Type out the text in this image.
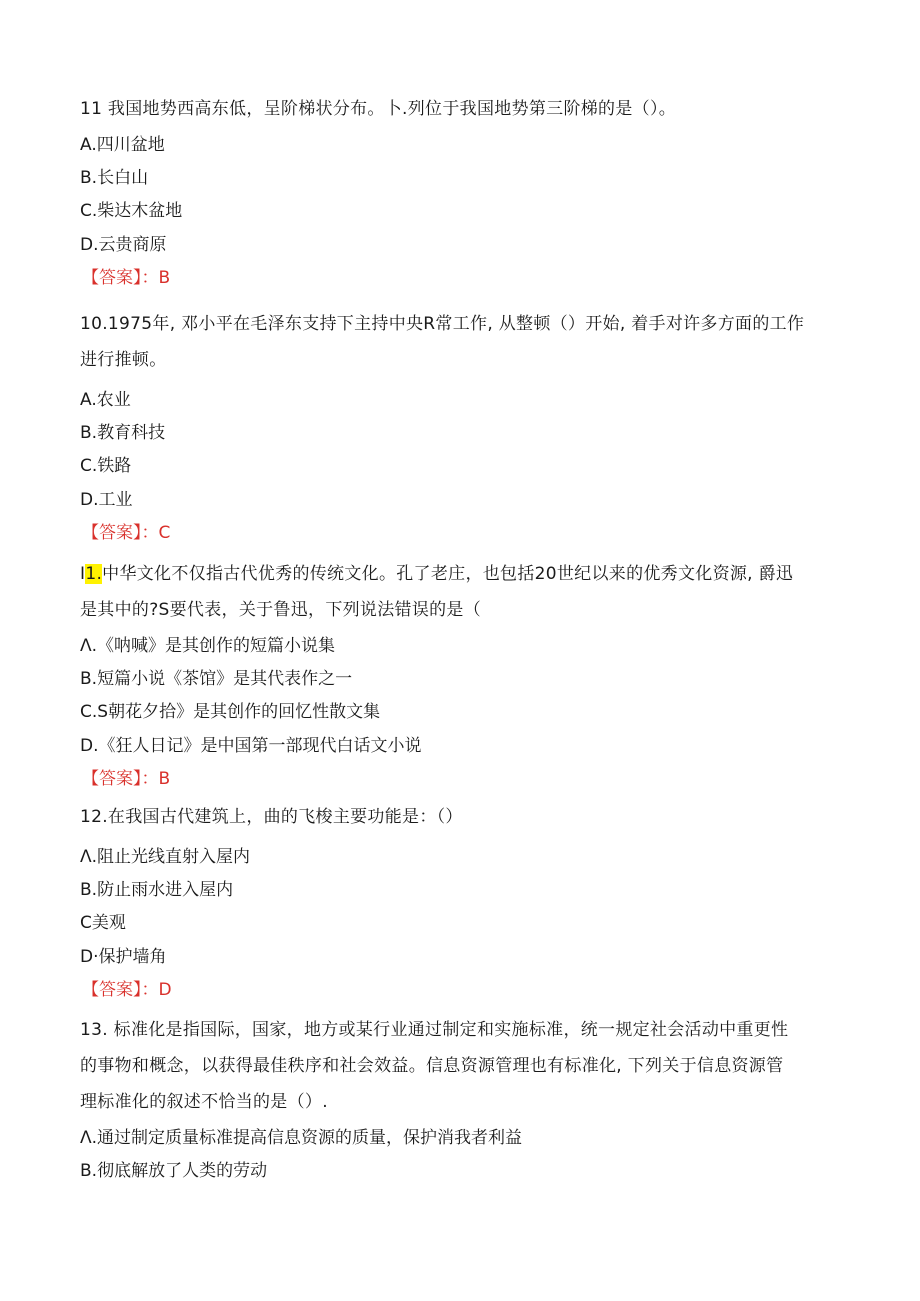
11 我国地势西高东低，呈阶梯状分布。卜.列位于我国地势第三阶梯的是（）。

A.四川盆地

B.长白山

C.柴达木盆地

D.云贵商原

【答案】：B

10.1975年, 邓小平在毛泽东支持下主持中央R常工作, 从整顿（）开始, 着手对许多方面的工作
进行推顿。

A.农业

B.教育科技

C.铁路

D.工业

【答案】：C

I1.中华文化不仅指古代优秀的传统文化。孔了老庄，也包括20世纪以来的优秀文化资源, 爵迅
是其中的?S要代表，关于鲁迅，下列说法错误的是（

Λ.《呐喊》是其创作的短篇小说集

B.短篇小说《茶馆》是其代表作之一

C.S朝花夕拾》是其创作的回忆性散文集

D.《狂人日记》是中国第一部现代白话文小说

【答案】：B

12.在我国古代建筑上，曲的飞梭主要功能是：（）

Λ.阻止光线直射入屋内

B.防止雨水进入屋内

C美观

D·保护墙角

【答案】：D

13. 标准化是指国际，国家，地方或某行业通过制定和实施标准，统一规定社会活动中重更性
的事物和概念，以获得最佳秩序和社会效益。信息资源管理也有标准化, 下列关于信息资源管
理标准化的叙述不恰当的是（）.

Λ.通过制定质量标准提高信息资源的质量，保护消我者利益

B.彻底解放了人类的劳动
